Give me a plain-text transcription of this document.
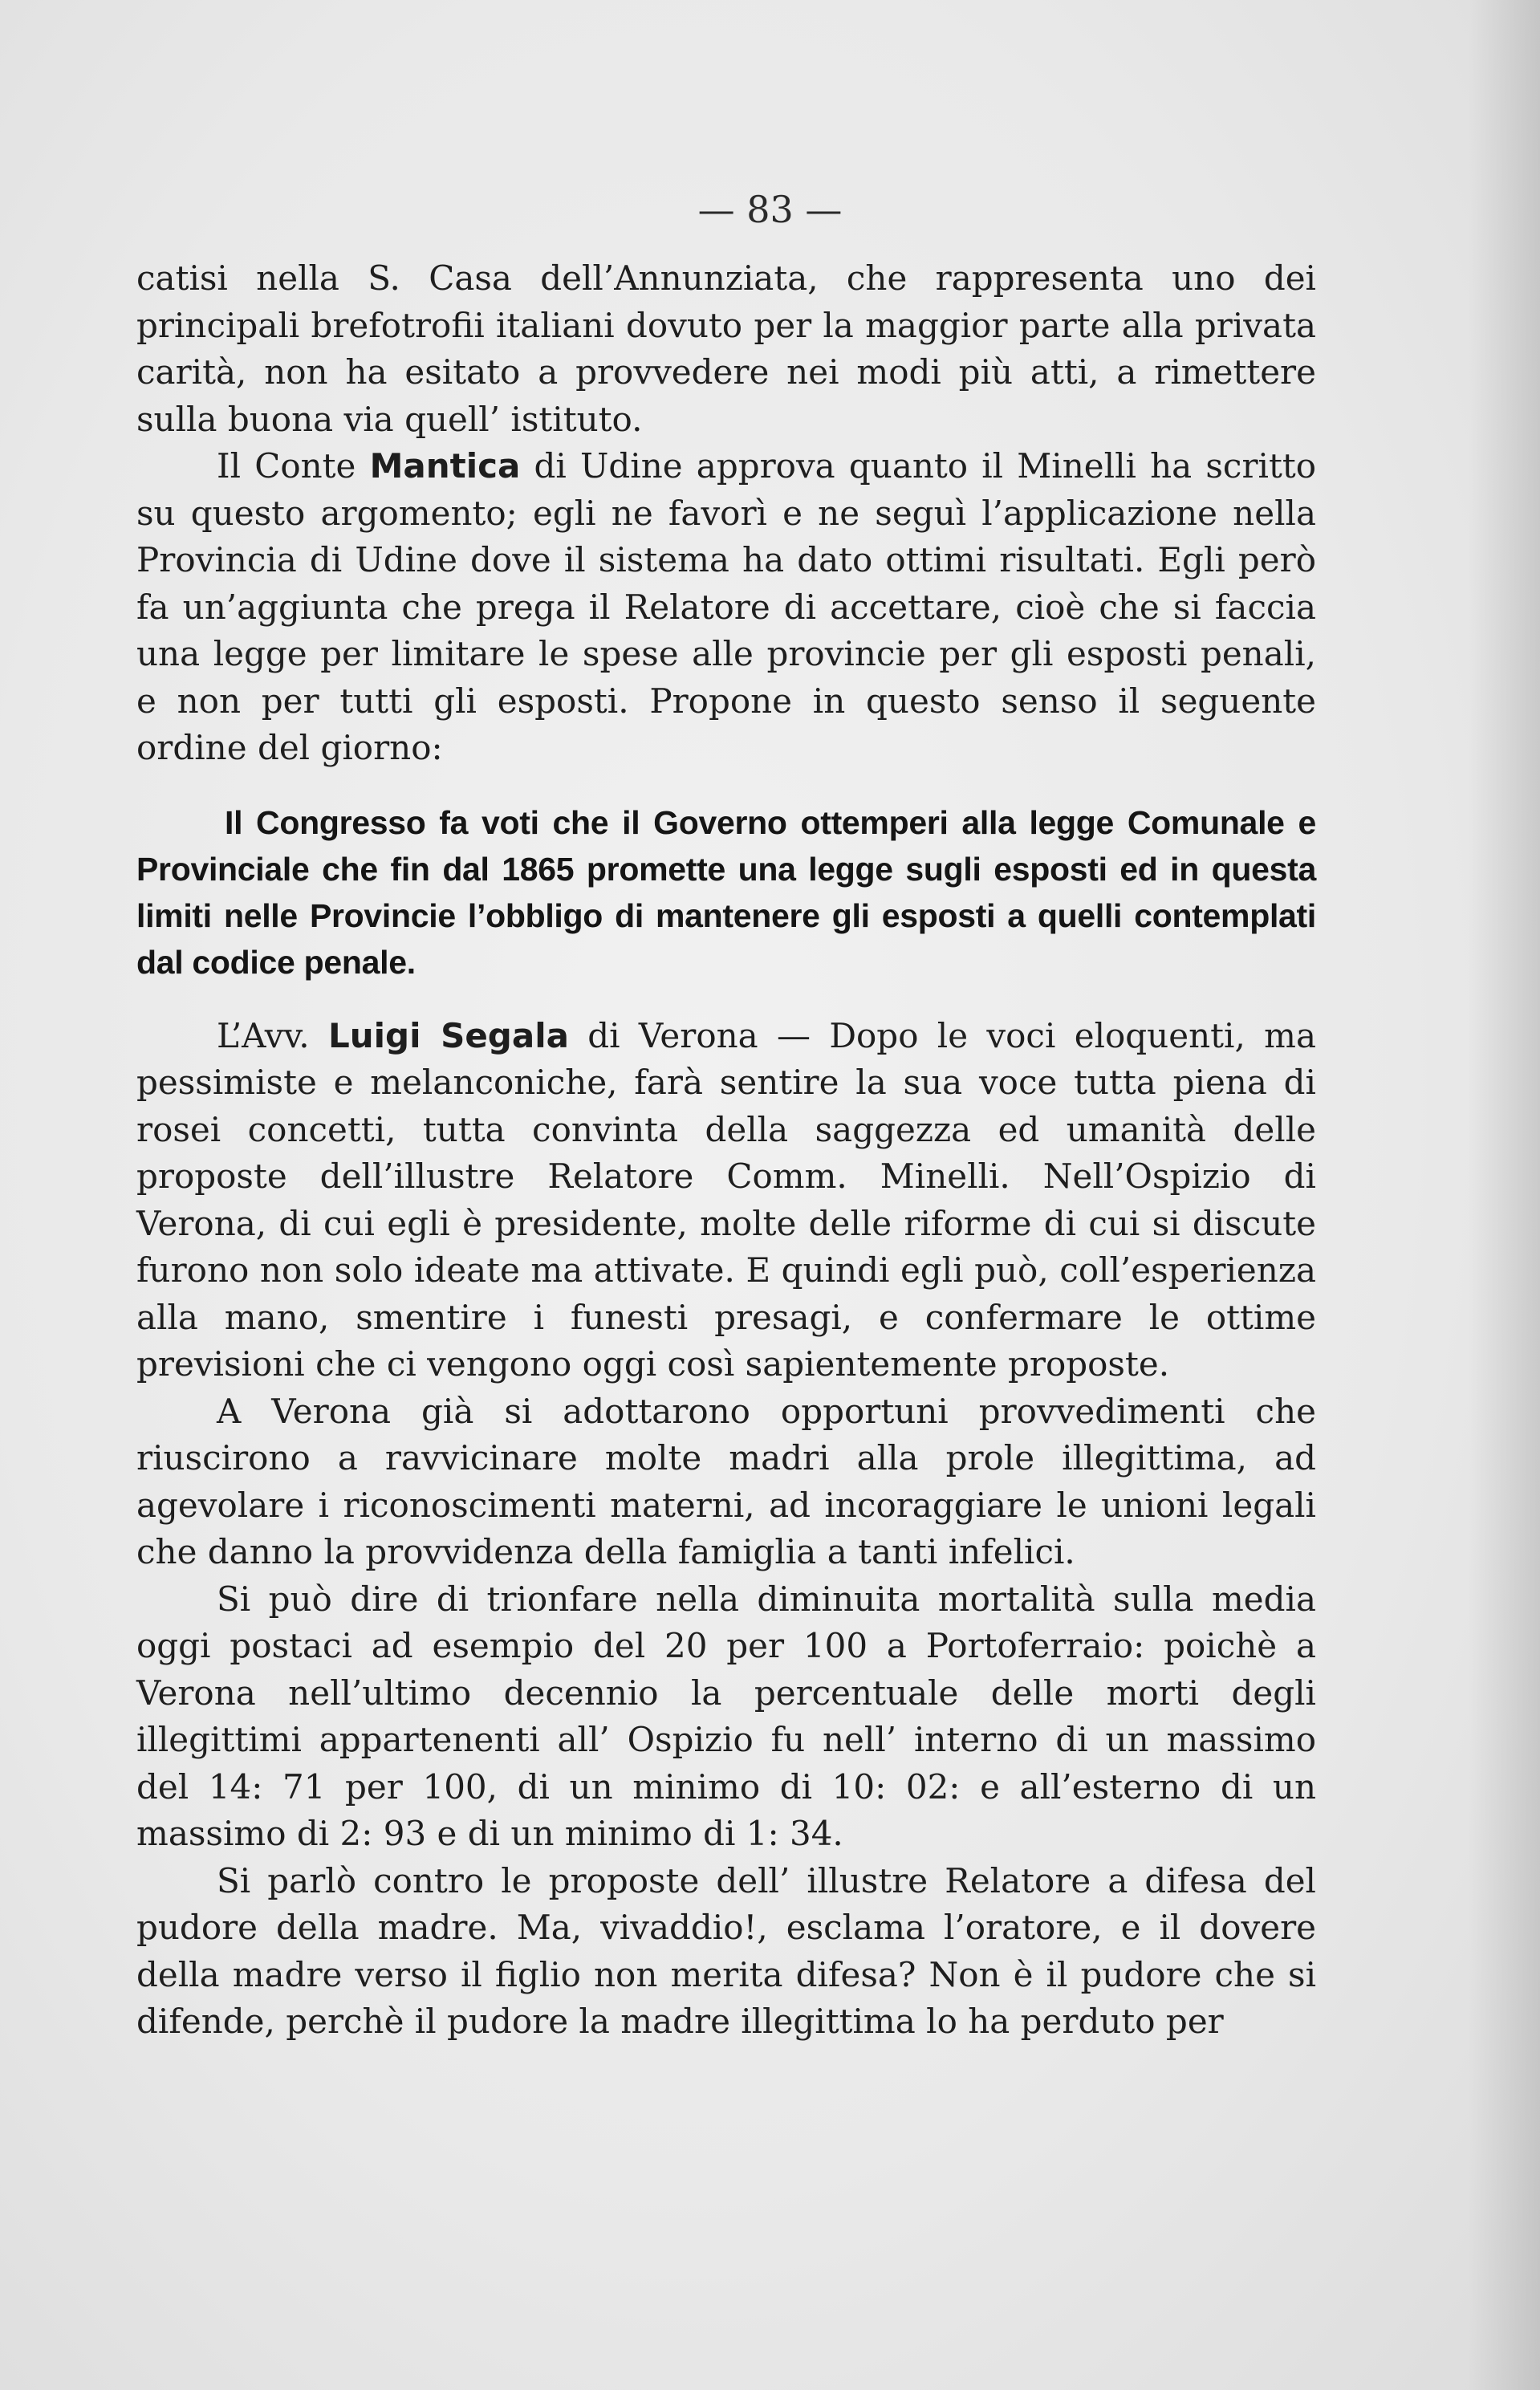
— 83 —

catisi nella S. Casa dell’Annunziata, che rappresenta uno dei principali brefotrofii italiani dovuto per la maggior parte alla privata carità, non ha esitato a provvedere nei modi più atti, a rimettere sulla buona via quell’ istituto.

Il Conte Mantica di Udine approva quanto il Minelli ha scritto su questo argomento; egli ne favorì e ne seguì l’applicazione nella Provincia di Udine dove il sistema ha dato ottimi risultati. Egli però fa un’aggiunta che prega il Relatore di accettare, cioè che si faccia una legge per limitare le spese alle provincie per gli esposti penali, e non per tutti gli esposti. Propone in questo senso il seguente ordine del giorno:

Il Congresso fa voti che il Governo ottemperi alla legge Comunale e Provinciale che fin dal 1865 promette una legge sugli esposti ed in questa limiti nelle Provincie l’obbligo di mantenere gli esposti a quelli contemplati dal codice penale.

L’Avv. Luigi Segala di Verona — Dopo le voci eloquenti, ma pessimiste e melanconiche, farà sentire la sua voce tutta piena di rosei concetti, tutta convinta della saggezza ed umanità delle proposte dell’illustre Relatore Comm. Minelli. Nell’Ospizio di Verona, di cui egli è presidente, molte delle riforme di cui si discute furono non solo ideate ma attivate. E quindi egli può, coll’esperienza alla mano, smentire i funesti presagi, e confermare le ottime previsioni che ci vengono oggi così sapientemente proposte.

A Verona già si adottarono opportuni provvedimenti che riuscirono a ravvicinare molte madri alla prole illegittima, ad agevolare i riconoscimenti materni, ad incoraggiare le unioni legali che danno la provvidenza della famiglia a tanti infelici.

Si può dire di trionfare nella diminuita mortalità sulla media oggi postaci ad esempio del 20 per 100 a Portoferraio: poichè a Verona nell’ultimo decennio la percentuale delle morti degli illegittimi appartenenti all’ Ospizio fu nell’ interno di un massimo del 14: 71 per 100, di un minimo di 10: 02: e all’esterno di un massimo di 2: 93 e di un minimo di 1: 34.

Si parlò contro le proposte dell’ illustre Relatore a difesa del pudore della madre. Ma, vivaddio!, esclama l’oratore, e il dovere della madre verso il figlio non merita difesa? Non è il pudore che si difende, perchè il pudore la madre illegittima lo ha perduto per
